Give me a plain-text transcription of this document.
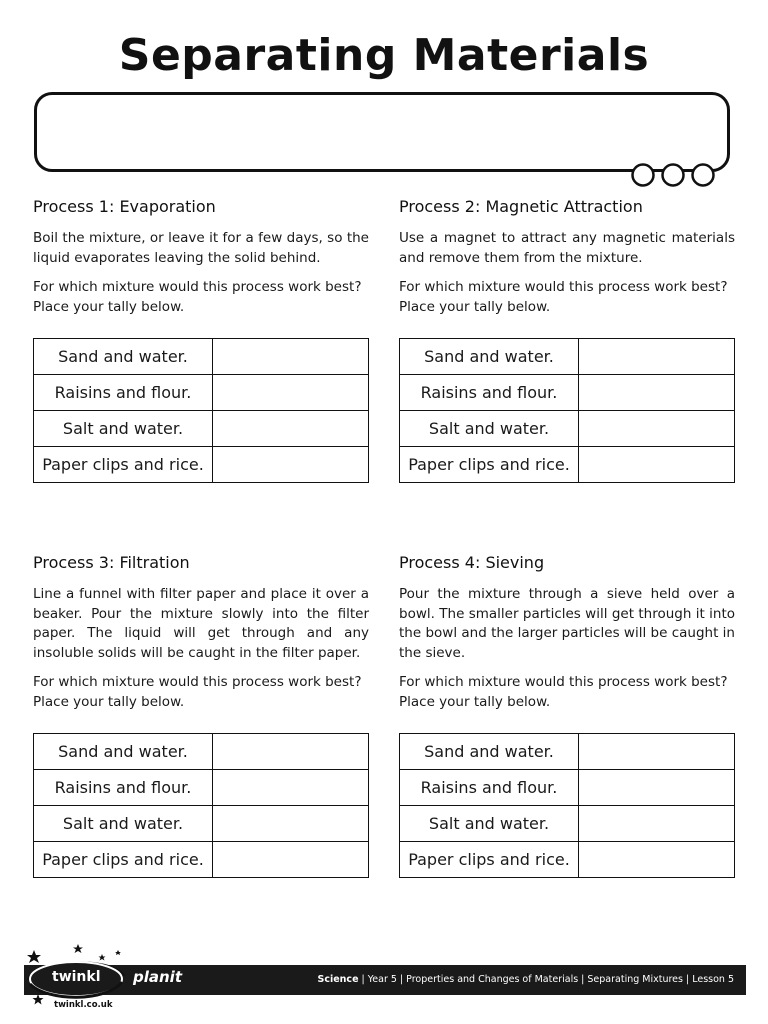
Separating Materials
Process 1: Evaporation

Boil the mixture, or leave it for a few days, so the liquid evaporates leaving the solid behind.

For which mixture would this process work best? Place your tally below.

Sand and water.	
Raisins and flour.	
Salt and water.	
Paper clips and rice.	
Process 2: Magnetic Attraction

Use a magnet to attract any magnetic materials and remove them from the mixture.

For which mixture would this process work best? Place your tally below.

Sand and water.	
Raisins and flour.	
Salt and water.	
Paper clips and rice.	
Process 3: Filtration

Line a funnel with filter paper and place it over a beaker. Pour the mixture slowly into the filter paper. The liquid will get through and any insoluble solids will be caught in the filter paper.

For which mixture would this process work best? Place your tally below.

Sand and water.	
Raisins and flour.	
Salt and water.	
Paper clips and rice.	
Process 4: Sieving

Pour the mixture through a sieve held over a bowl. The smaller particles will get through it into the bowl and the larger particles will be caught in the sieve.

For which mixture would this process work best? Place your tally below.

Sand and water.	
Raisins and flour.	
Salt and water.	
Paper clips and rice.	
Science | Year 5 | Properties and Changes of Materials | Separating Mixtures | Lesson 5
twinkl
twinkl.co.uk
planit
